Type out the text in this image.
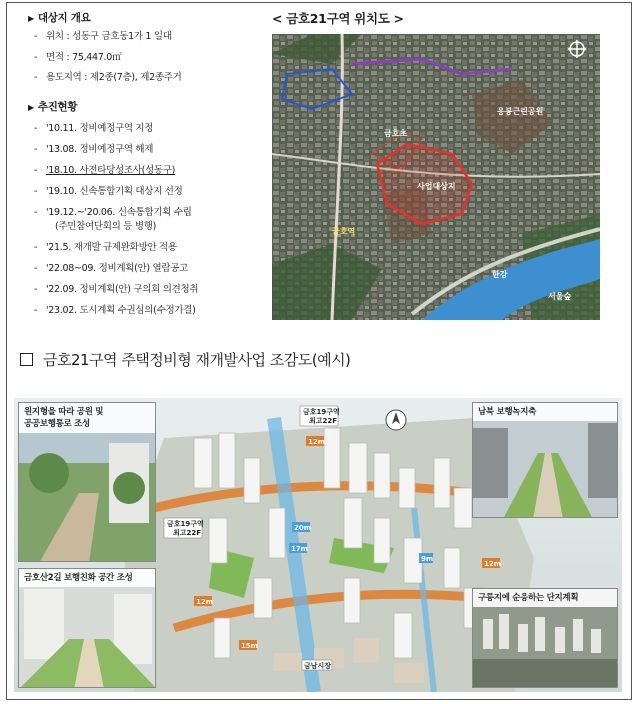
▶ 대상지 개요
- 위치 : 성동구 금호동1가 1 일대
- 면적 : 75,447.0㎡
- 용도지역 : 제2종(7층), 제2종주거
▶ 추진현황
- '10.11. 정비예정구역 지정
- '13.08. 정비예정구역 해제
- '18.10. 사전타당성조사(성동구)
- '19.10. 신속통합기획 대상지 선정
- '19.12.~'20.06. 신속통합기획 수립
(주민참여단회의 등 병행)
- '21.5. 재개발 규제완화방안 적용
- '22.08~09. 정비계획(안) 열람공고
- '22.09. 정비계획(안) 구의회 의견청취
- '23.02. 도시계획 수권심의(수정가결)
< 금호21구역 위치도 >
사업대상지
금호초
금호역
한강
응봉근린공원
서울숲
금호21구역 주택정비형 재개발사업 조감도(예시)
금호19구역
최고22F
금호19구역
최고22F
12m
20m
17m
9m
12m
12m
15m
금남시장
원지형을 따라 공원 및
공공보행통로 조성
금호산2길 보행친화 공간 조성
남북 보행녹지축
구릉지에 순응하는 단지계획
